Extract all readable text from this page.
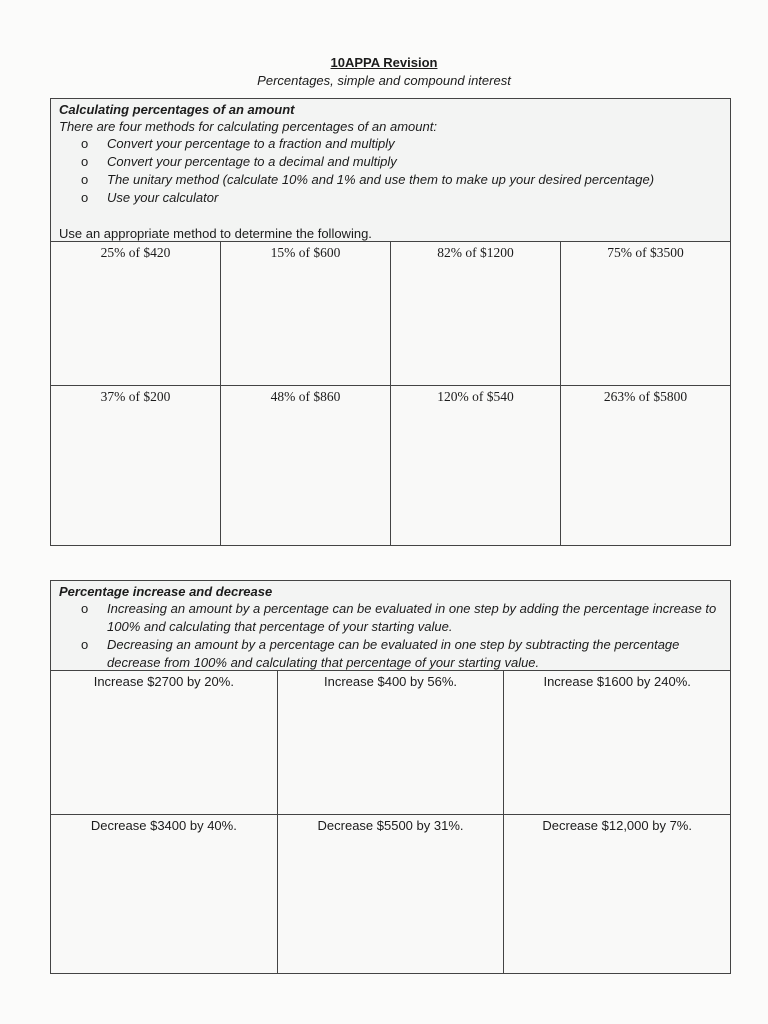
10APPA Revision
Percentages, simple and compound interest
Calculating percentages of an amount
There are four methods for calculating percentages of an amount:
o Convert your percentage to a fraction and multiply
o Convert your percentage to a decimal and multiply
o The unitary method (calculate 10% and 1% and use them to make up your desired percentage)
o Use your calculator
Use an appropriate method to determine the following.
25% of $420	15% of $600	82% of $1200	75% of $3500
37% of $200	48% of $860	120% of $540	263% of $5800
Percentage increase and decrease
o Increasing an amount by a percentage can be evaluated in one step by adding the percentage increase to 100% and calculating that percentage of your starting value.
o Decreasing an amount by a percentage can be evaluated in one step by subtracting the percentage decrease from 100% and calculating that percentage of your starting value.
Increase $2700 by 20%.	Increase $400 by 56%.	Increase $1600 by 240%.
Decrease $3400 by 40%.	Decrease $5500 by 31%.	Decrease $12,000 by 7%.
